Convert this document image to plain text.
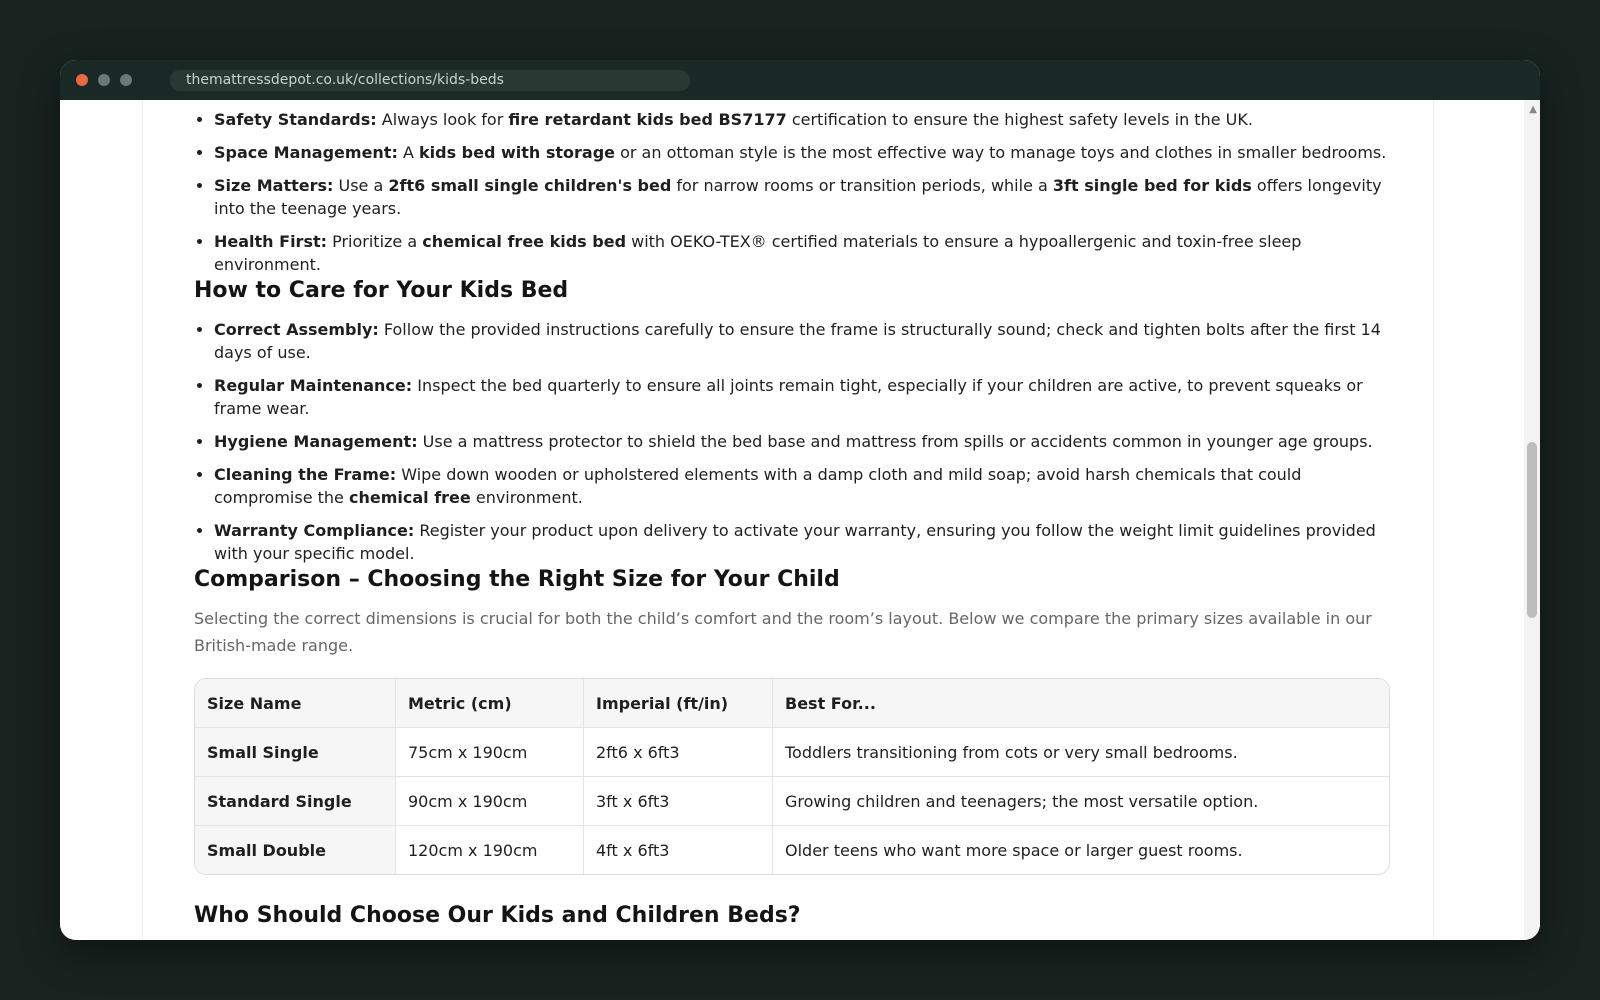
themattressdepot.co.uk/collections/kids-beds
• Safety Standards: Always look for fire retardant kids bed BS7177 certification to ensure the highest safety levels in the UK.
• Space Management: A kids bed with storage or an ottoman style is the most effective way to manage toys and clothes in smaller bedrooms.
• Size Matters: Use a 2ft6 small single children's bed for narrow rooms or transition periods, while a 3ft single bed for kids offers longevity into the teenage years.
• Health First: Prioritize a chemical free kids bed with OEKO-TEX® certified materials to ensure a hypoallergenic and toxin-free sleep environment.
How to Care for Your Kids Bed
• Correct Assembly: Follow the provided instructions carefully to ensure the frame is structurally sound; check and tighten bolts after the first 14 days of use.
• Regular Maintenance: Inspect the bed quarterly to ensure all joints remain tight, especially if your children are active, to prevent squeaks or frame wear.
• Hygiene Management: Use a mattress protector to shield the bed base and mattress from spills or accidents common in younger age groups.
• Cleaning the Frame: Wipe down wooden or upholstered elements with a damp cloth and mild soap; avoid harsh chemicals that could compromise the chemical free environment.
• Warranty Compliance: Register your product upon delivery to activate your warranty, ensuring you follow the weight limit guidelines provided with your specific model.
Comparison – Choosing the Right Size for Your Child

Selecting the correct dimensions is crucial for both the child’s comfort and the room’s layout. Below we compare the primary sizes available in our British-made range.

Size Name	Metric (cm)	Imperial (ft/in)	Best For...
Small Single	75cm x 190cm	2ft6 x 6ft3	Toddlers transitioning from cots or very small bedrooms.
Standard Single	90cm x 190cm	3ft x 6ft3	Growing children and teenagers; the most versatile option.
Small Double	120cm x 190cm	4ft x 6ft3	Older teens who want more space or larger guest rooms.
Who Should Choose Our Kids and Children Beds?
▲
